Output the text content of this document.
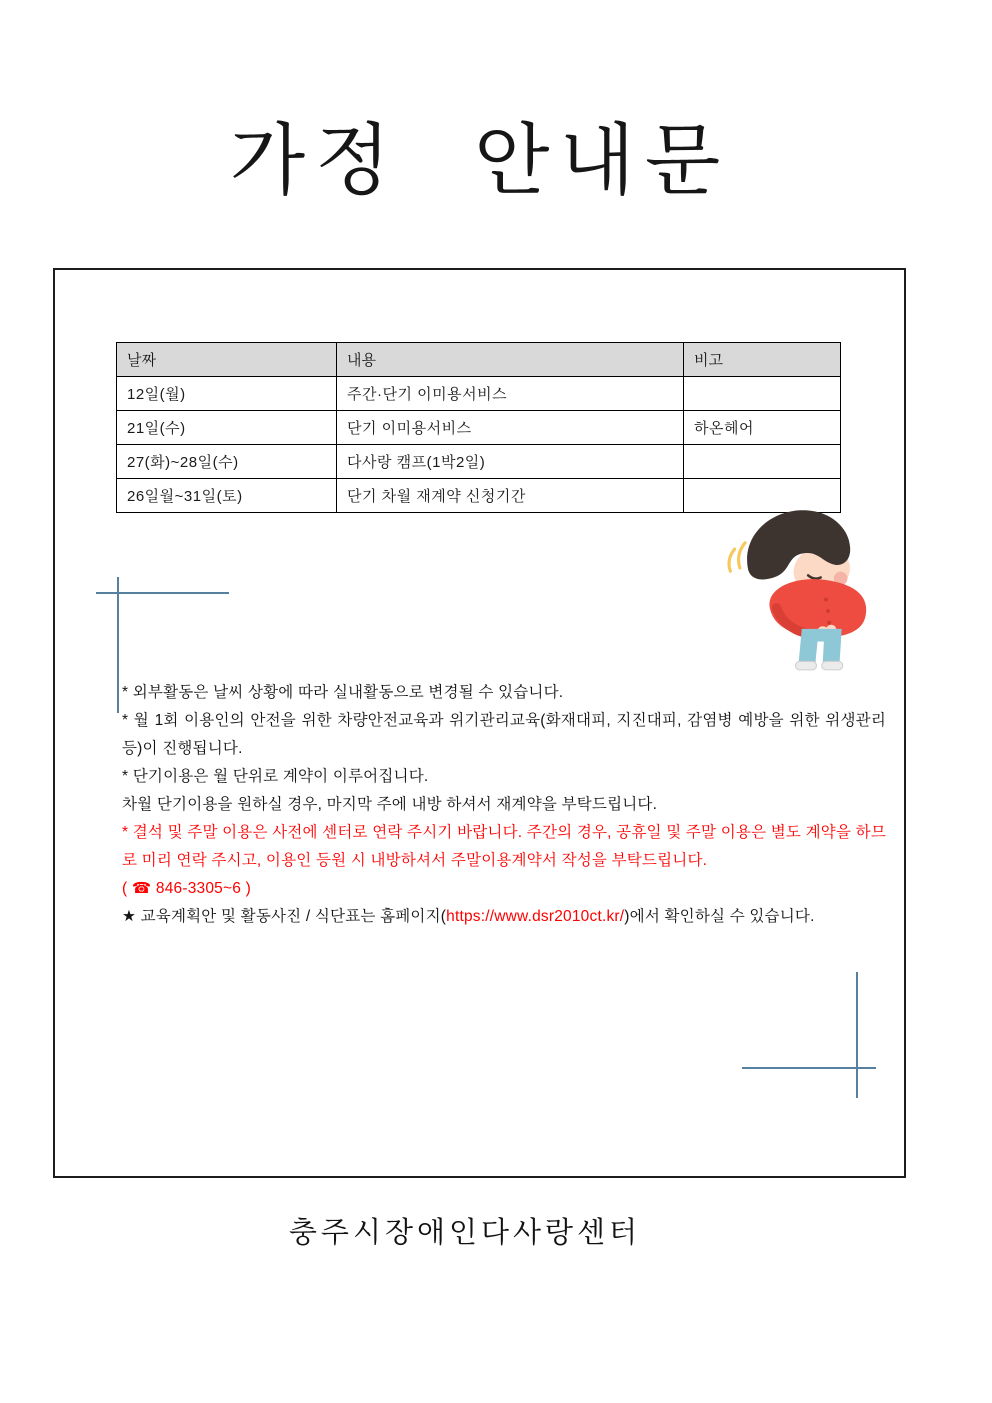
가정 안내문
날짜	내용	비고
12일(월)	주간·단기 이미용서비스	
21일(수)	단기 이미용서비스	하온헤어
27(화)~28일(수)	다사랑 캠프(1박2일)	
26일월~31일(토)	단기 차월 재계약 신청기간	

* 외부활동은 날씨 상황에 따라 실내활동으로 변경될 수 있습니다.

* 월 1회 이용인의 안전을 위한 차량안전교육과 위기관리교육(화재대피, 지진대피, 감염병 예방을 위한 위생관리 등)이 진행됩니다.

* 단기이용은 월 단위로 계약이 이루어집니다.

차월 단기이용을 원하실 경우, 마지막 주에 내방 하셔서 재계약을 부탁드립니다.

* 결석 및 주말 이용은 사전에 센터로 연락 주시기 바랍니다. 주간의 경우, 공휴일 및 주말 이용은 별도 계약을 하므로 미리 연락 주시고, 이용인 등원 시 내방하셔서 주말이용계약서 작성을 부탁드립니다.

( ☎ 846-3305~6 )

★ 교육계획안 및 활동사진 / 식단표는 홈페이지(https://www.dsr2010ct.kr/)에서 확인하실 수 있습니다.

충주시장애인다사랑센터
